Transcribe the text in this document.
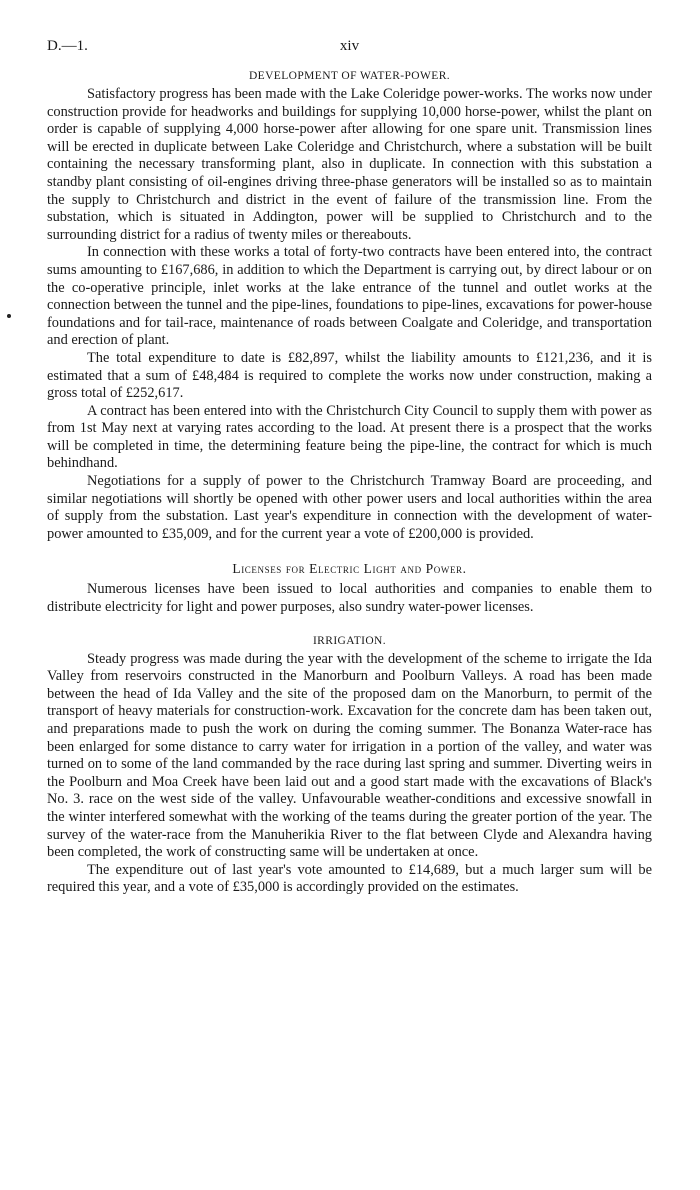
D.—1.	xiv
DEVELOPMENT OF WATER-POWER.

Satisfactory progress has been made with the Lake Coleridge power-works. The works now under construction provide for headworks and buildings for supplying 10,000 horse-power, whilst the plant on order is capable of supplying 4,000 horse-power after allowing for one spare unit. Transmission lines will be erected in duplicate between Lake Coleridge and Christchurch, where a substation will be built containing the necessary transforming plant, also in duplicate. In connection with this substation a standby plant consisting of oil-engines driving three-phase generators will be installed so as to maintain the supply to Christchurch and district in the event of failure of the transmission line. From the substation, which is situated in Addington, power will be supplied to Christchurch and to the surrounding district for a radius of twenty miles or thereabouts.

In connection with these works a total of forty-two contracts have been entered into, the contract sums amounting to £167,686, in addition to which the Department is carrying out, by direct labour or on the co-operative principle, inlet works at the lake entrance of the tunnel and outlet works at the connection between the tunnel and the pipe-lines, foundations to pipe-lines, excavations for power-house foundations and for tail-race, maintenance of roads between Coalgate and Coleridge, and transportation and erection of plant.

The total expenditure to date is £82,897, whilst the liability amounts to £121,236, and it is estimated that a sum of £48,484 is required to complete the works now under construction, making a gross total of £252,617.

A contract has been entered into with the Christchurch City Council to supply them with power as from 1st May next at varying rates according to the load. At present there is a prospect that the works will be completed in time, the determining feature being the pipe-line, the contract for which is much behindhand.

Negotiations for a supply of power to the Christchurch Tramway Board are proceeding, and similar negotiations will shortly be opened with other power users and local authorities within the area of supply from the substation. Last year's expenditure in connection with the development of water-power amounted to £35,009, and for the current year a vote of £200,000 is provided.

Licenses for Electric Light and Power.

Numerous licenses have been issued to local authorities and companies to enable them to distribute electricity for light and power purposes, also sundry water-power licenses.

IRRIGATION.

Steady progress was made during the year with the development of the scheme to irrigate the Ida Valley from reservoirs constructed in the Manorburn and Poolburn Valleys. A road has been made between the head of Ida Valley and the site of the proposed dam on the Manorburn, to permit of the transport of heavy materials for construction-work. Excavation for the concrete dam has been taken out, and preparations made to push the work on during the coming summer. The Bonanza Water-race has been enlarged for some distance to carry water for irrigation in a portion of the valley, and water was turned on to some of the land commanded by the race during last spring and summer. Diverting weirs in the Poolburn and Moa Creek have been laid out and a good start made with the excavations of Black's No. 3. race on the west side of the valley. Unfavourable weather-conditions and excessive snowfall in the winter interfered somewhat with the working of the teams during the greater portion of the year. The survey of the water-race from the Manuherikia River to the flat between Clyde and Alexandra having been completed, the work of constructing same will be undertaken at once.

The expenditure out of last year's vote amounted to £14,689, but a much larger sum will be required this year, and a vote of £35,000 is accordingly provided on the estimates.
